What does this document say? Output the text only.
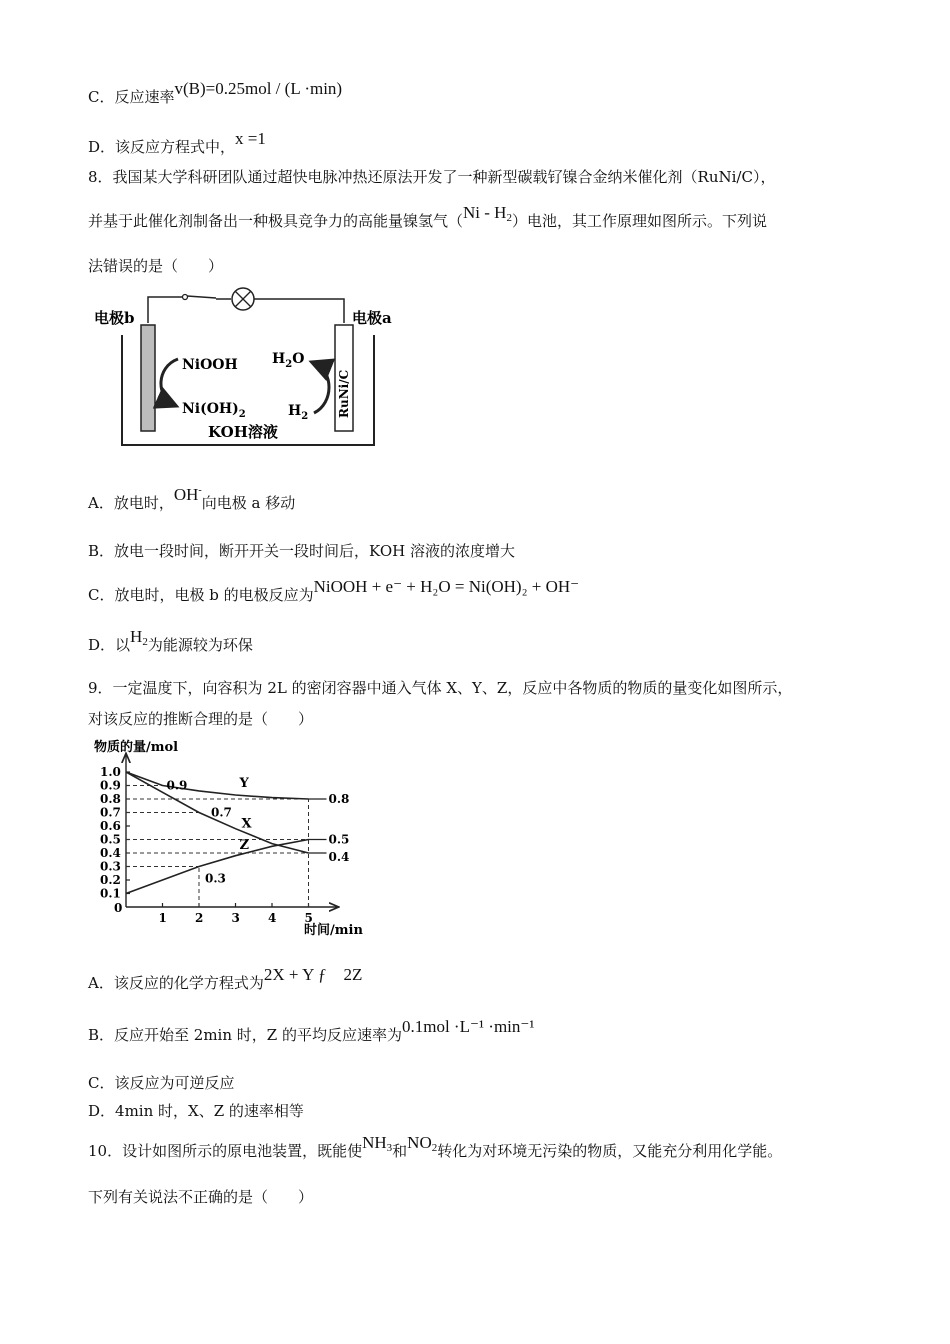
C．反应速率v(B)=0.25mol / (L ·min)
D．该反应方程式中，x =1
8．我国某大学科研团队通过超快电脉冲热还原法开发了一种新型碳载钌镍合金纳米催化剂（RuNi/C），
并基于此催化剂制备出一种极具竞争力的高能量镍氢气$(Ni - H_2)$电池，其工作原理如图所示。下列说
法错误的是（　　）
电极b	电极a
NiOOH
$Ni(OH)_2$
$H_2O$
$H_2$ RuNi/C
KOH溶液
A．放电时，OH-向电极 a 移动
B．放电一段时间，断开开关一段时间后，KOH 溶液的浓度增大
C．放电时，电极 b 的电极反应为NiOOH + e⁻ + H₂O = Ni(OH)₂ + OH⁻
D．以$H_2$为能源较为环保
9．一定温度下，向容积为 2L 的密闭容器中通入气体 X、Y、Z，反应中各物质的物质的量变化如图所示，
对该反应的推断合理的是（　　）
物质的量/mol
时间/min
0
1 2 3 4 5
0.1
0.2
0.3
0.4
0.5
0.6
0.7
0.8
0.9
1.0
Y
X
Z
0.9
0.7
0.3
0.8
0.5
0.4
A．该反应的化学方程式为2X + Y ƒ　2Z
B．反应开始至 2min 时，Z 的平均反应速率为0.1mol ·L⁻¹ ·min⁻¹
C．该反应为可逆反应
D．4min 时，X、Z 的速率相等
10．设计如图所示的原电池装置，既能使$NH_3$和$NO_2$转化为对环境无污染的物质，又能充分利用化学能。
下列有关说法不正确的是（　　）
